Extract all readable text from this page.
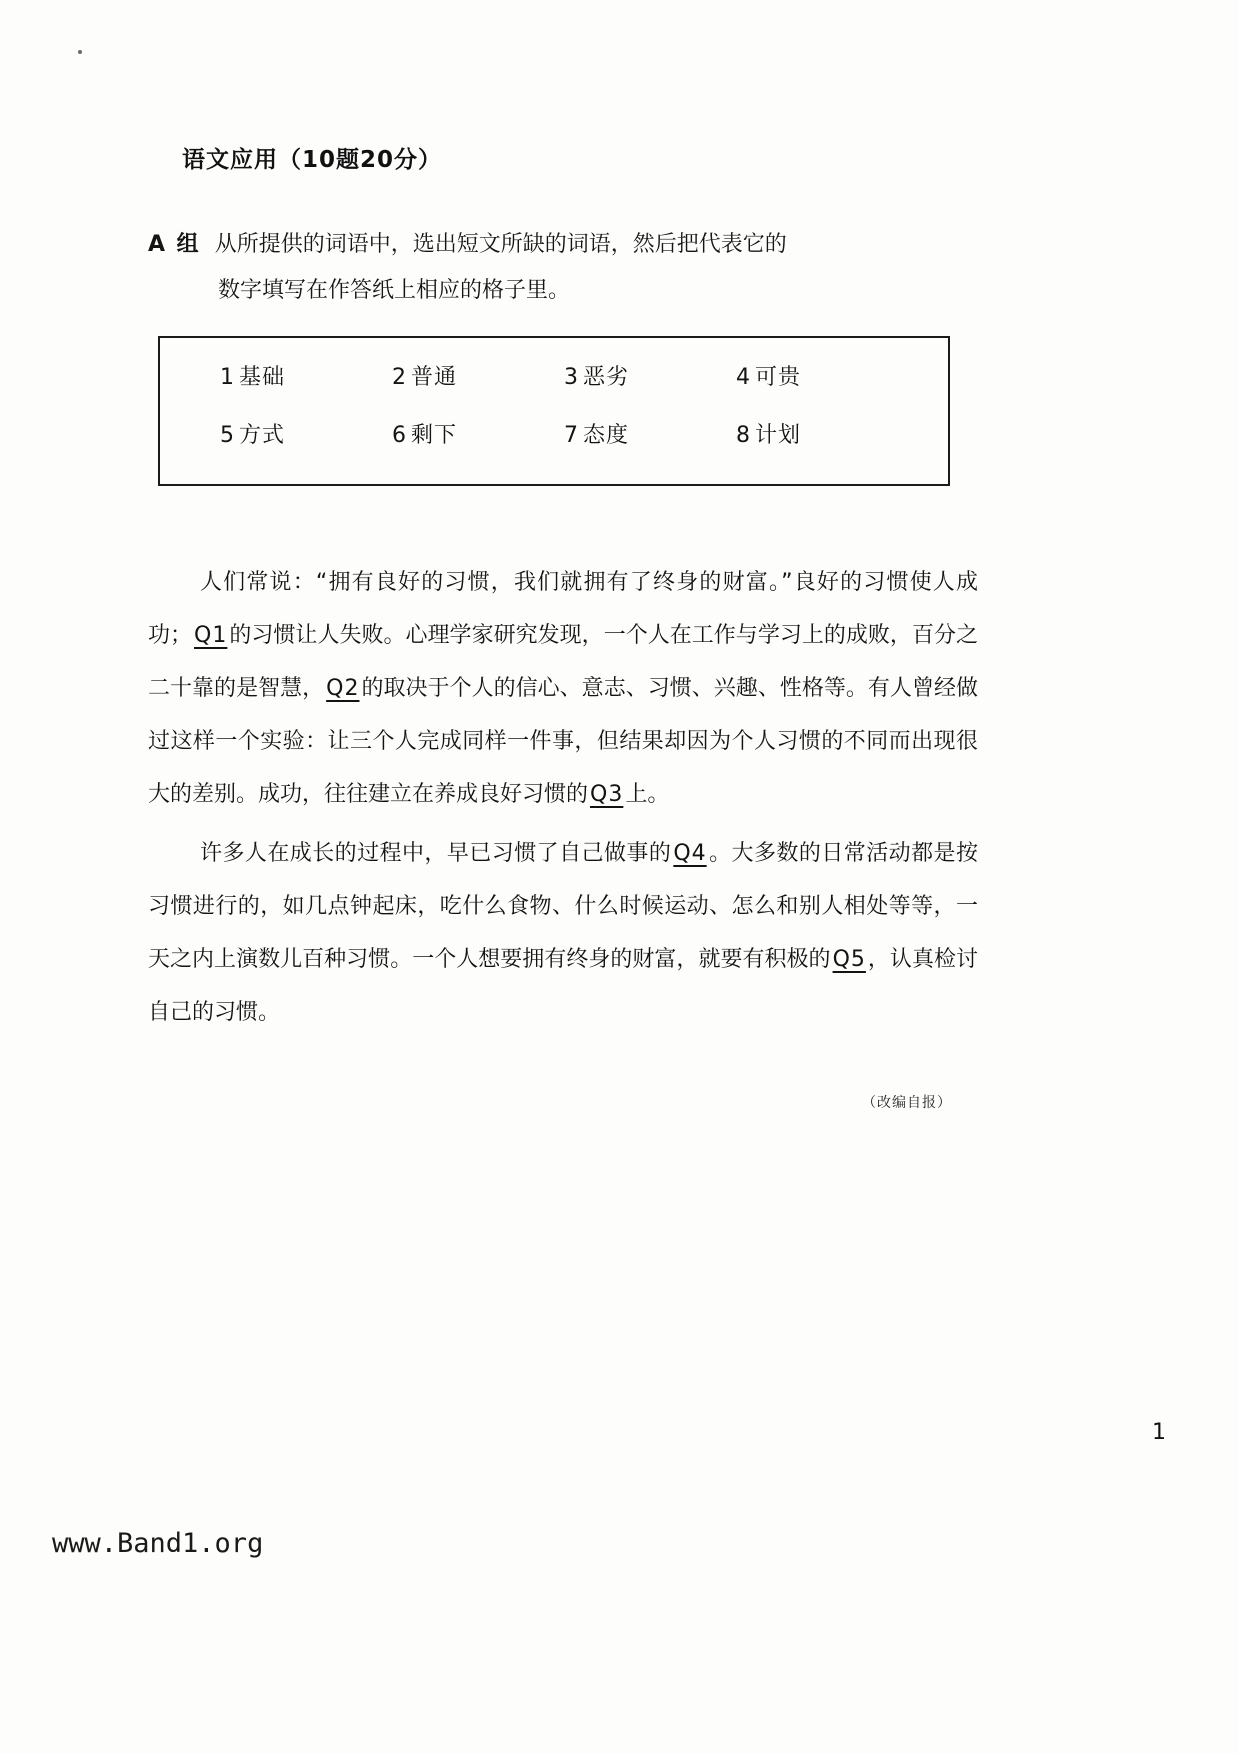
语文应用（10题20分）
A 组 从所提供的词语中，选出短文所缺的词语，然后把代表它的
数字填写在作答纸上相应的格子里。
1 基础	2 普通	3 恶劣	4 可贵
5 方式	6 剩下	7 态度	8 计划

人们常说：“拥有良好的习惯，我们就拥有了终身的财富。”良好的习惯使人成功；Q1的习惯让人失败。心理学家研究发现，一个人在工作与学习上的成败，百分之二十靠的是智慧，Q2的取决于个人的信心、意志、习惯、兴趣、性格等。有人曾经做过这样一个实验：让三个人完成同样一件事，但结果却因为个人习惯的不同而出现很大的差别。成功，往往建立在养成良好习惯的Q3上。

许多人在成长的过程中，早已习惯了自己做事的Q4。大多数的日常活动都是按习惯进行的，如几点钟起床，吃什么食物、什么时候运动、怎么和别人相处等等，一天之内上演数儿百种习惯。一个人想要拥有终身的财富，就要有积极的Q5，认真检讨自己的习惯。

（改编自报）
1
www.Band1.org
